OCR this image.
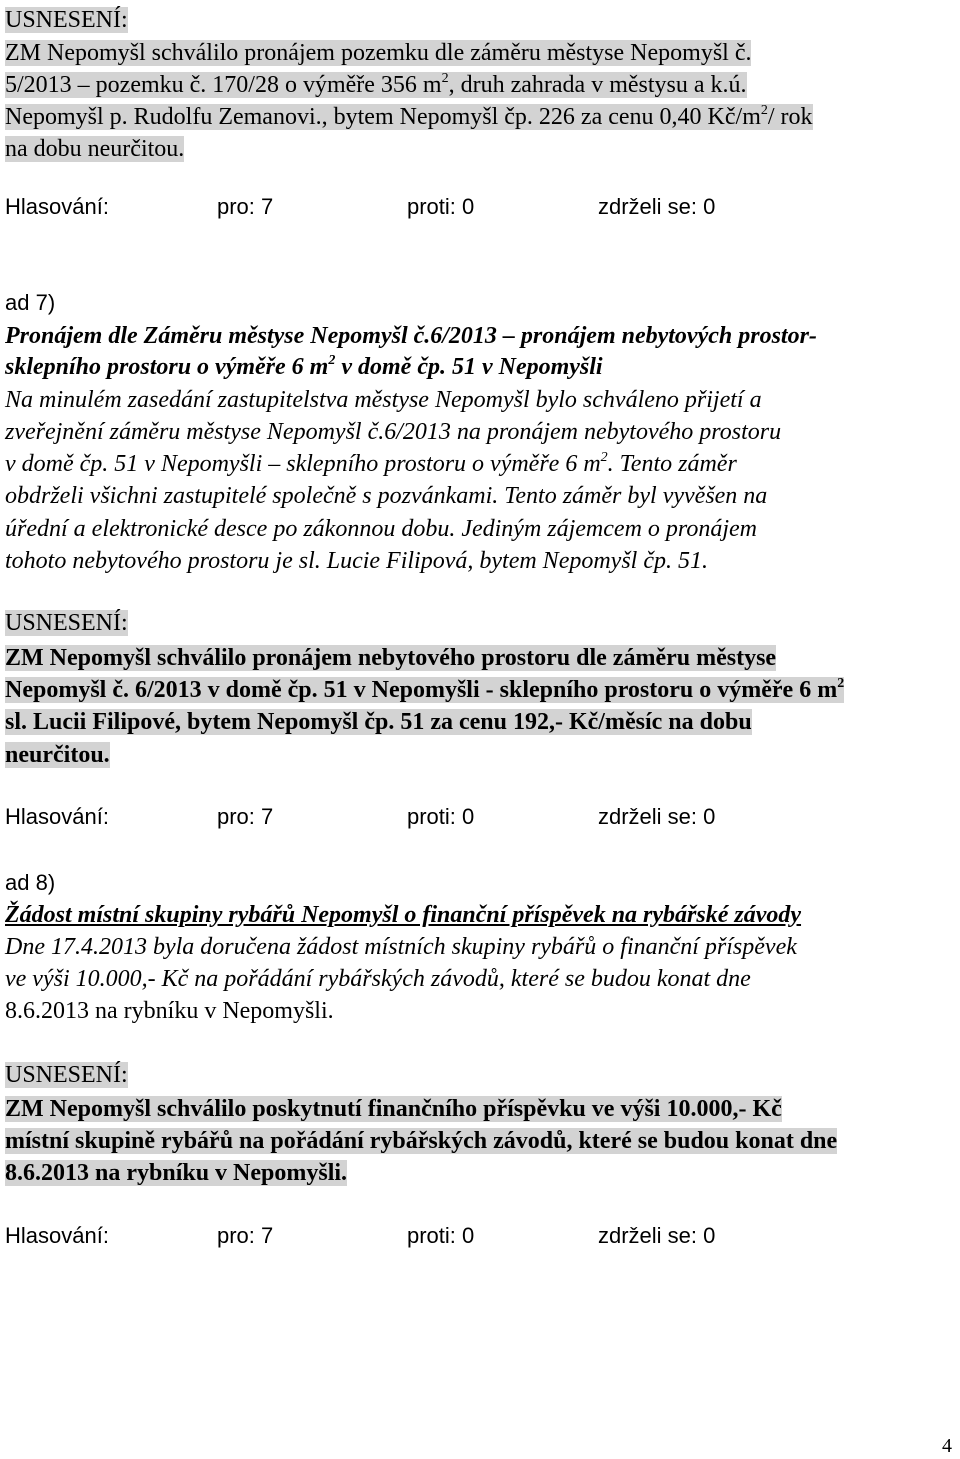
USNESENÍ:
ZM Nepomyšl schválilo pronájem pozemku dle záměru městyse Nepomyšl č.
5/2013 – pozemku č. 170/28 o výměře 356 $m^2$, druh zahrada v městysu a k.ú.
Nepomyšl p. Rudolfu Zemanovi., bytem Nepomyšl čp. 226 za cenu 0,40 $Kč/m^2/$ rok
na dobu neurčitou.
Hlasování:	pro: 7	proti: 0	zdrželi se: 0
ad 7)
Pronájem dle Záměru městyse Nepomyšl č.6/2013 – pronájem nebytových prostor-
sklepního prostoru o výměře 6 $m^2$ v domě čp. 51 v Nepomyšli
Na minulém zasedání zastupitelstva městyse Nepomyšl bylo schváleno přijetí a
zveřejnění záměru městyse Nepomyšl č.6/2013 na pronájem nebytového prostoru
v domě čp. 51 v Nepomyšli – sklepního prostoru o výměře 6 $m^2$. Tento záměr
obdrželi všichni zastupitelé společně s pozvánkami. Tento záměr byl vyvěšen na
úřední a elektronické desce po zákonnou dobu. Jediným zájemcem o pronájem
tohoto nebytového prostoru je sl. Lucie Filipová, bytem Nepomyšl čp. 51.
USNESENÍ:
ZM Nepomyšl schválilo pronájem nebytového prostoru dle záměru městyse
Nepomyšl č. 6/2013 v domě čp. 51 v Nepomyšli - sklepního prostoru o výměře 6 $m^2$
sl. Lucii Filipové, bytem Nepomyšl čp. 51 za cenu 192,- Kč/měsíc na dobu
neurčitou.
Hlasování:	pro: 7	proti: 0	zdrželi se: 0
ad 8)
Žádost místní skupiny rybářů Nepomyšl o finanční příspěvek na rybářské závody
Dne 17.4.2013 byla doručena žádost místních skupiny rybářů o finanční příspěvek
ve výši 10.000,- Kč na pořádání rybářských závodů, které se budou konat dne
8.6.2013 na rybníku v Nepomyšli.
USNESENÍ:
ZM Nepomyšl schválilo poskytnutí finančního příspěvku ve výši 10.000,- Kč
místní skupině rybářů na pořádání rybářských závodů, které se budou konat dne
8.6.2013 na rybníku v Nepomyšli.
Hlasování:	pro: 7	proti: 0	zdrželi se: 0
4
